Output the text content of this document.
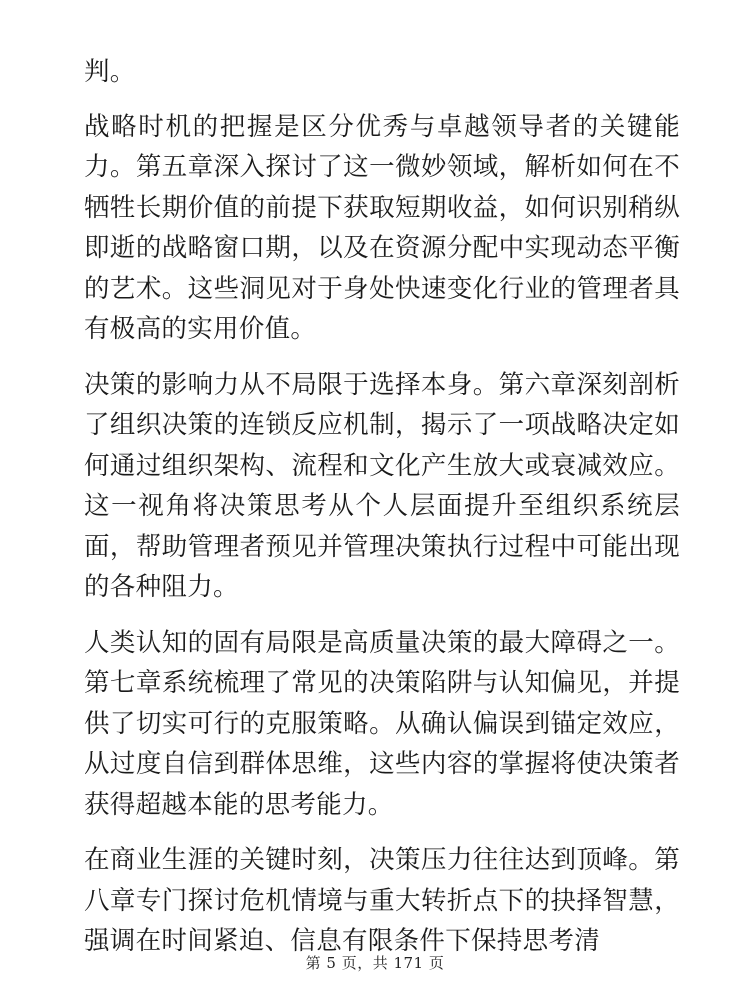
判。

战略时机的把握是区分优秀与卓越领导者的关键能力。第五章深入探讨了这一微妙领域，解析如何在不牺牲长期价值的前提下获取短期收益，如何识别稍纵即逝的战略窗口期，以及在资源分配中实现动态平衡的艺术。这些洞见对于身处快速变化行业的管理者具有极高的实用价值。

决策的影响力从不局限于选择本身。第六章深刻剖析了组织决策的连锁反应机制，揭示了一项战略决定如何通过组织架构、流程和文化产生放大或衰减效应。这一视角将决策思考从个人层面提升至组织系统层面，帮助管理者预见并管理决策执行过程中可能出现的各种阻力。

人类认知的固有局限是高质量决策的最大障碍之一。第七章系统梳理了常见的决策陷阱与认知偏见，并提供了切实可行的克服策略。从确认偏误到锚定效应，从过度自信到群体思维，这些内容的掌握将使决策者获得超越本能的思考能力。

在商业生涯的关键时刻，决策压力往往达到顶峰。第八章专门探讨危机情境与重大转折点下的抉择智慧，强调在时间紧迫、信息有限条件下保持思考清

第 5 页，共 171 页
